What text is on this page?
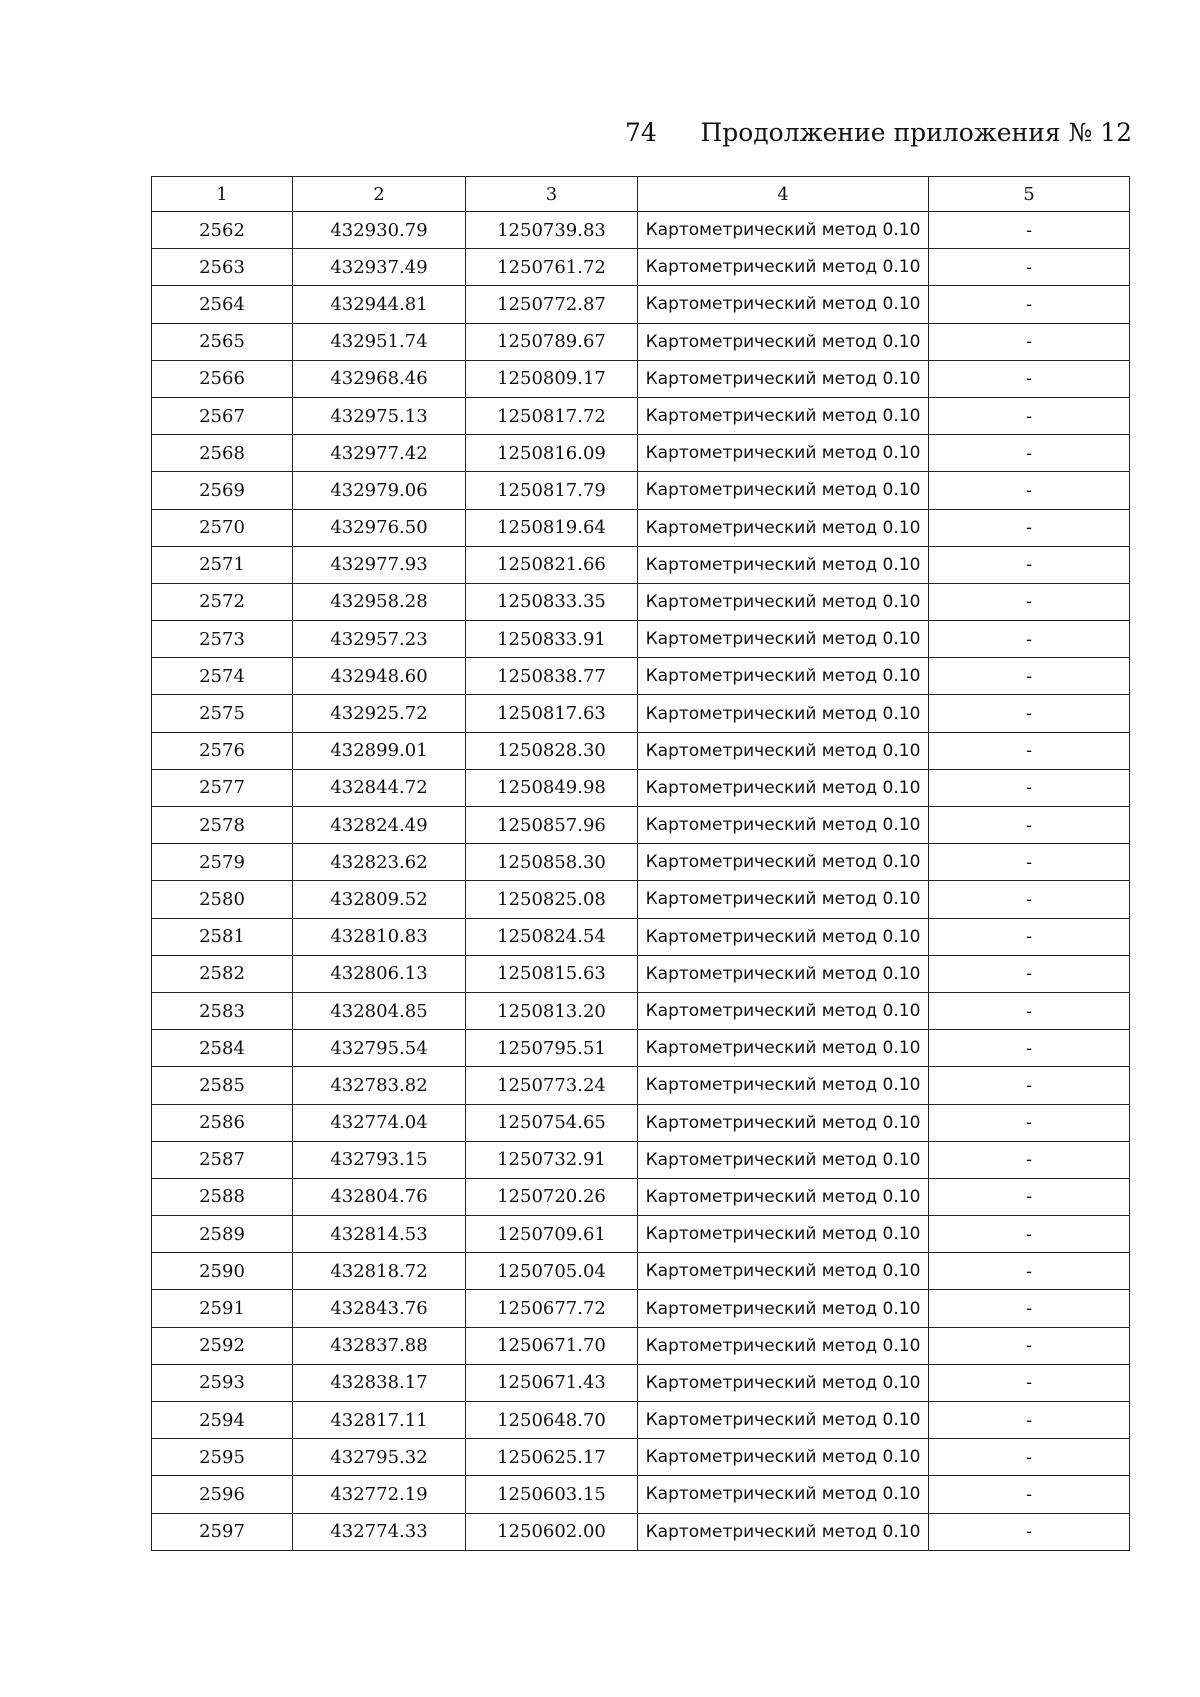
74 Продолжение приложения № 12
1	2	3	4	5
2562	432930.79	1250739.83	Картометрический метод 0.10	-
2563	432937.49	1250761.72	Картометрический метод 0.10	-
2564	432944.81	1250772.87	Картометрический метод 0.10	-
2565	432951.74	1250789.67	Картометрический метод 0.10	-
2566	432968.46	1250809.17	Картометрический метод 0.10	-
2567	432975.13	1250817.72	Картометрический метод 0.10	-
2568	432977.42	1250816.09	Картометрический метод 0.10	-
2569	432979.06	1250817.79	Картометрический метод 0.10	-
2570	432976.50	1250819.64	Картометрический метод 0.10	-
2571	432977.93	1250821.66	Картометрический метод 0.10	-
2572	432958.28	1250833.35	Картометрический метод 0.10	-
2573	432957.23	1250833.91	Картометрический метод 0.10	-
2574	432948.60	1250838.77	Картометрический метод 0.10	-
2575	432925.72	1250817.63	Картометрический метод 0.10	-
2576	432899.01	1250828.30	Картометрический метод 0.10	-
2577	432844.72	1250849.98	Картометрический метод 0.10	-
2578	432824.49	1250857.96	Картометрический метод 0.10	-
2579	432823.62	1250858.30	Картометрический метод 0.10	-
2580	432809.52	1250825.08	Картометрический метод 0.10	-
2581	432810.83	1250824.54	Картометрический метод 0.10	-
2582	432806.13	1250815.63	Картометрический метод 0.10	-
2583	432804.85	1250813.20	Картометрический метод 0.10	-
2584	432795.54	1250795.51	Картометрический метод 0.10	-
2585	432783.82	1250773.24	Картометрический метод 0.10	-
2586	432774.04	1250754.65	Картометрический метод 0.10	-
2587	432793.15	1250732.91	Картометрический метод 0.10	-
2588	432804.76	1250720.26	Картометрический метод 0.10	-
2589	432814.53	1250709.61	Картометрический метод 0.10	-
2590	432818.72	1250705.04	Картометрический метод 0.10	-
2591	432843.76	1250677.72	Картометрический метод 0.10	-
2592	432837.88	1250671.70	Картометрический метод 0.10	-
2593	432838.17	1250671.43	Картометрический метод 0.10	-
2594	432817.11	1250648.70	Картометрический метод 0.10	-
2595	432795.32	1250625.17	Картометрический метод 0.10	-
2596	432772.19	1250603.15	Картометрический метод 0.10	-
2597	432774.33	1250602.00	Картометрический метод 0.10	-
